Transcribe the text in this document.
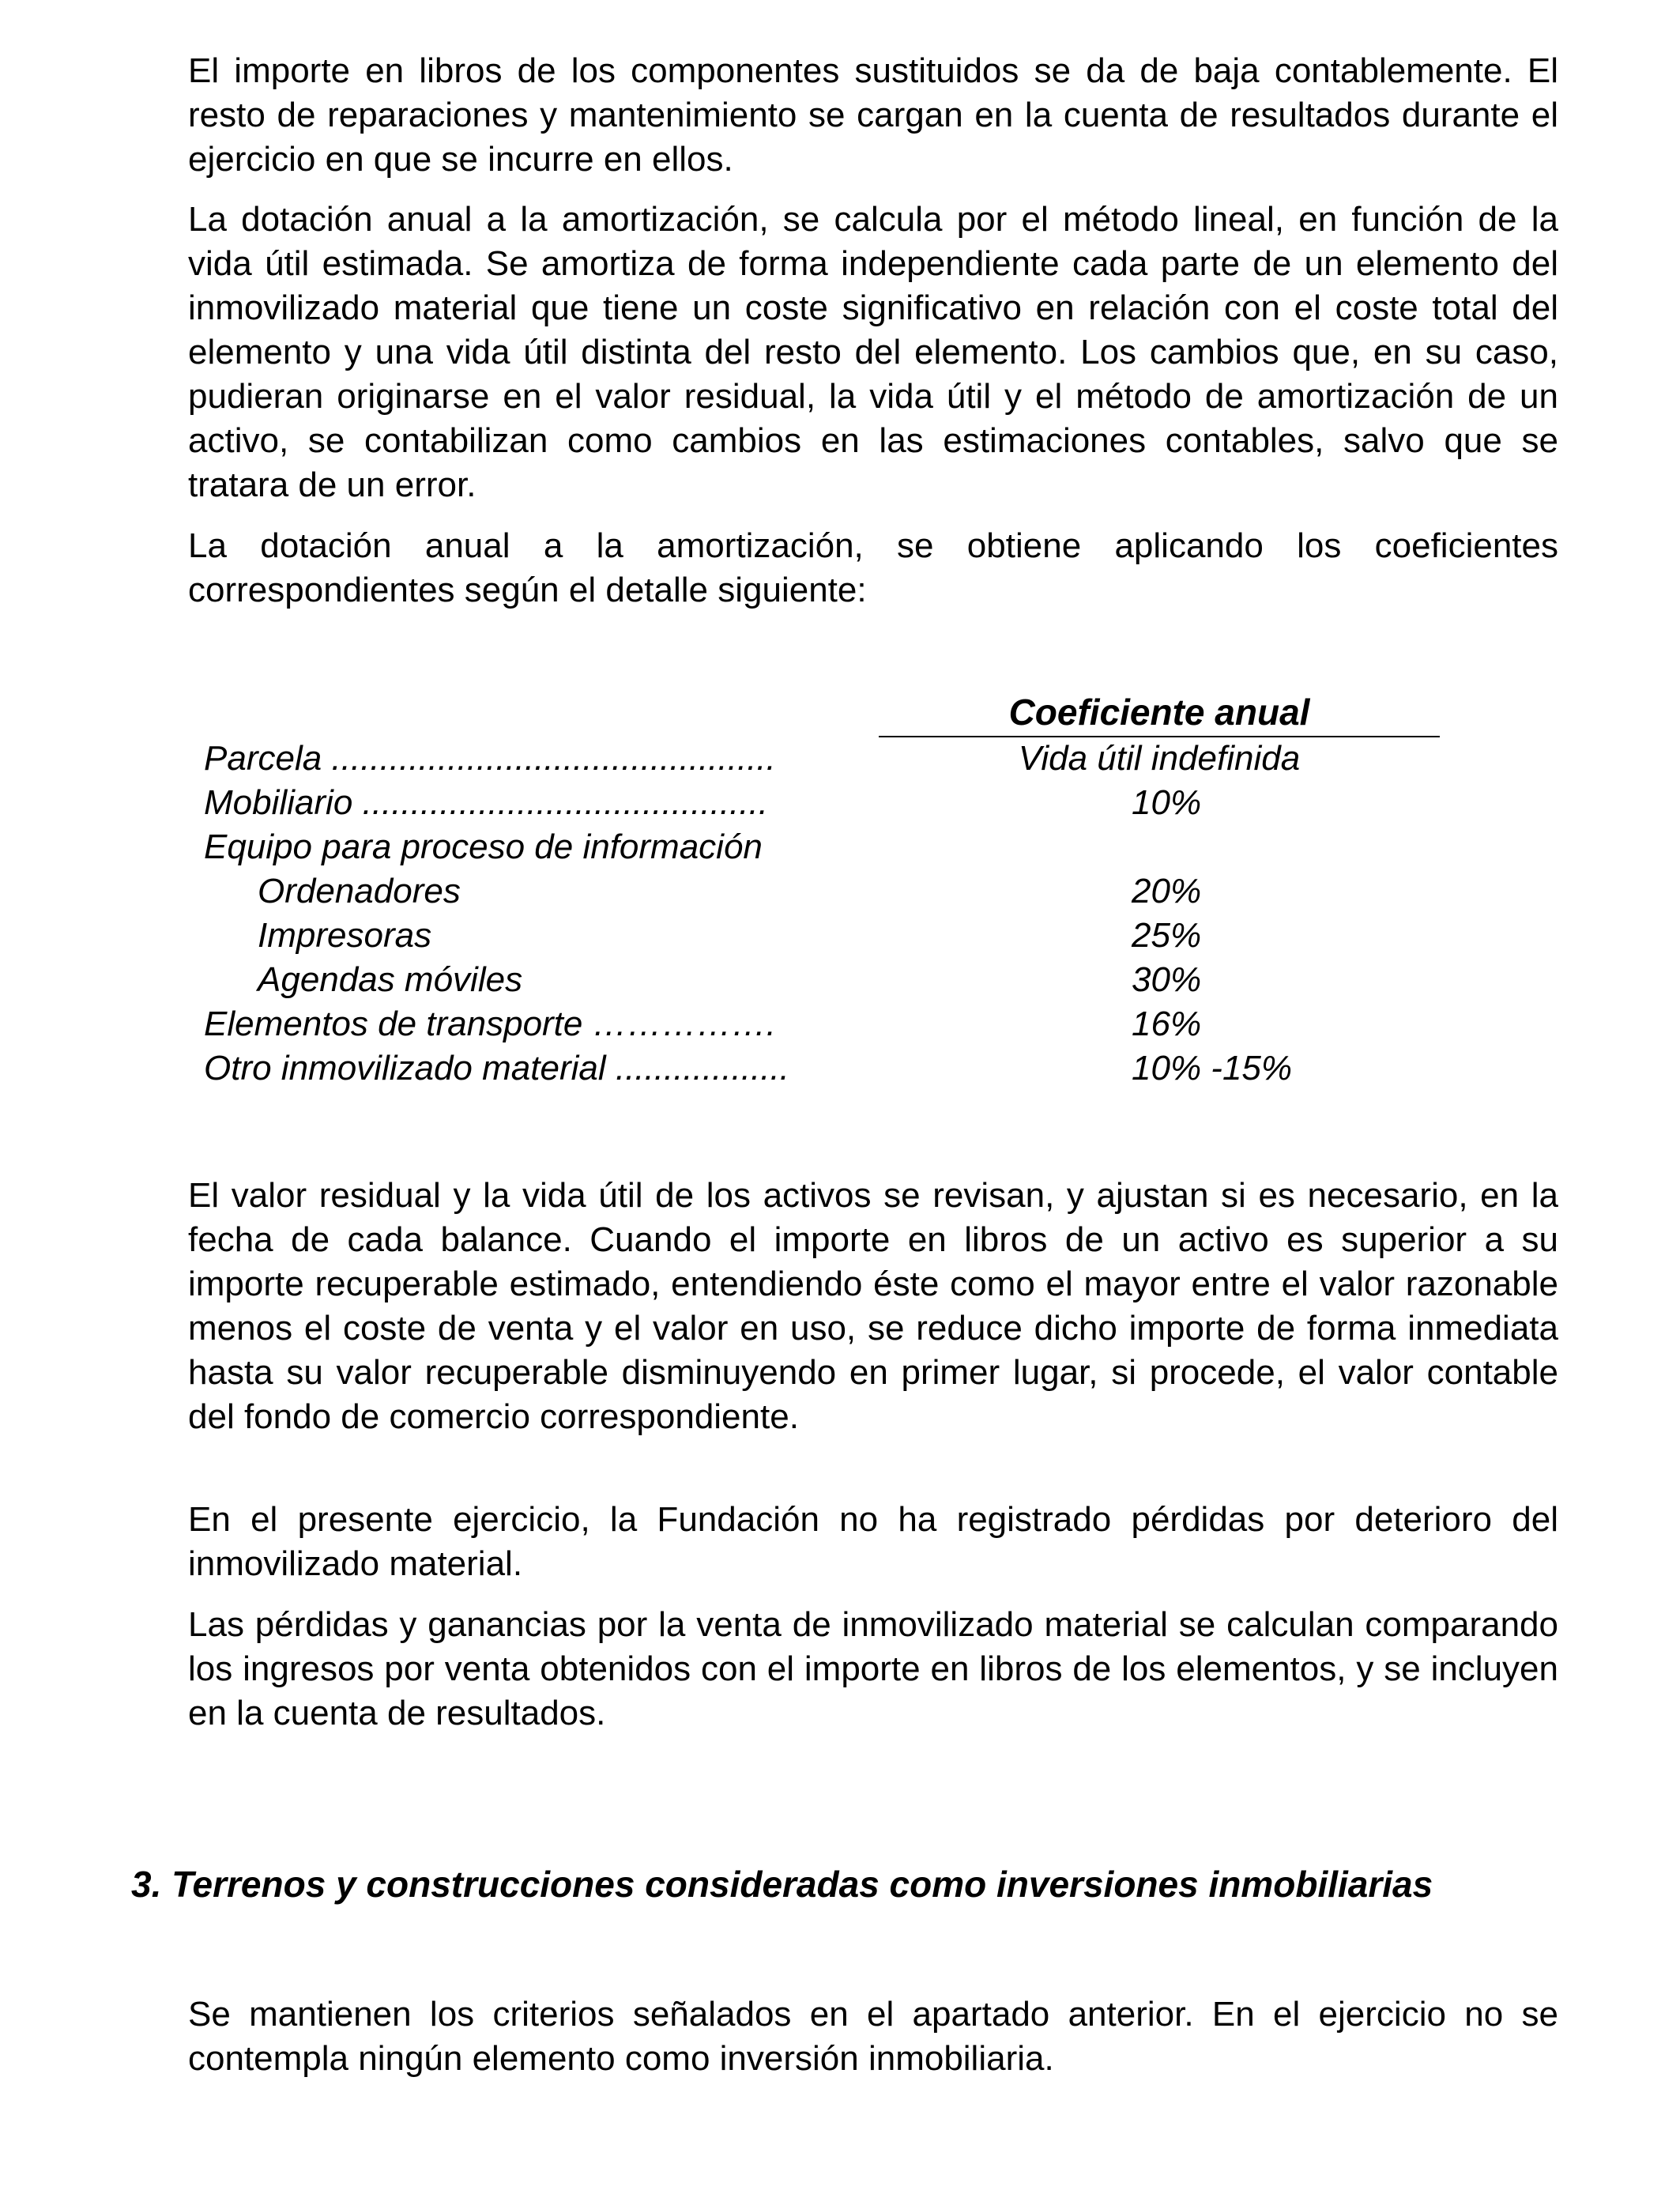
El importe en libros de los componentes sustituidos se da de baja contablemente. El resto de reparaciones y mantenimiento se cargan en la cuenta de resultados durante el ejercicio en que se incurre en ellos.

La dotación anual a la amortización, se calcula por el método lineal, en función de la vida útil estimada. Se amortiza de forma independiente cada parte de un elemento del inmovilizado material que tiene un coste significativo en relación con el coste total del elemento y una vida útil distinta del resto del elemento. Los cambios que, en su caso, pudieran originarse en el valor residual, la vida útil y el método de amortización de un activo, se contabilizan como cambios en las estimaciones contables, salvo que se tratara de un error.

La dotación anual a la amortización, se obtiene aplicando los coeficientes correspondientes según el detalle siguiente:

Coeficiente anual
Parcela ..............................................	Vida útil indefinida
Mobiliario ..........................................	10%
Equipo para proceso de información
Ordenadores	20%
Impresoras	25%
Agendas móviles	30%
Elementos de transporte …………….	16%
Otro inmovilizado material ..................	10% -15%

El valor residual y la vida útil de los activos se revisan, y ajustan si es necesario, en la fecha de cada balance. Cuando el importe en libros de un activo es superior a su importe recuperable estimado, entendiendo éste como el mayor entre el valor razonable menos el coste de venta y el valor en uso, se reduce dicho importe de forma inmediata hasta su valor recuperable disminuyendo en primer lugar, si procede, el valor contable del fondo de comercio correspondiente.

En el presente ejercicio, la Fundación no ha registrado pérdidas por deterioro del inmovilizado material.

Las pérdidas y ganancias por la venta de inmovilizado material se calculan comparando los ingresos por venta obtenidos con el importe en libros de los elementos, y se incluyen en la cuenta de resultados.

3. Terrenos y construcciones consideradas como inversiones inmobiliarias

Se mantienen los criterios señalados en el apartado anterior. En el ejercicio no se contempla ningún elemento como inversión inmobiliaria.
